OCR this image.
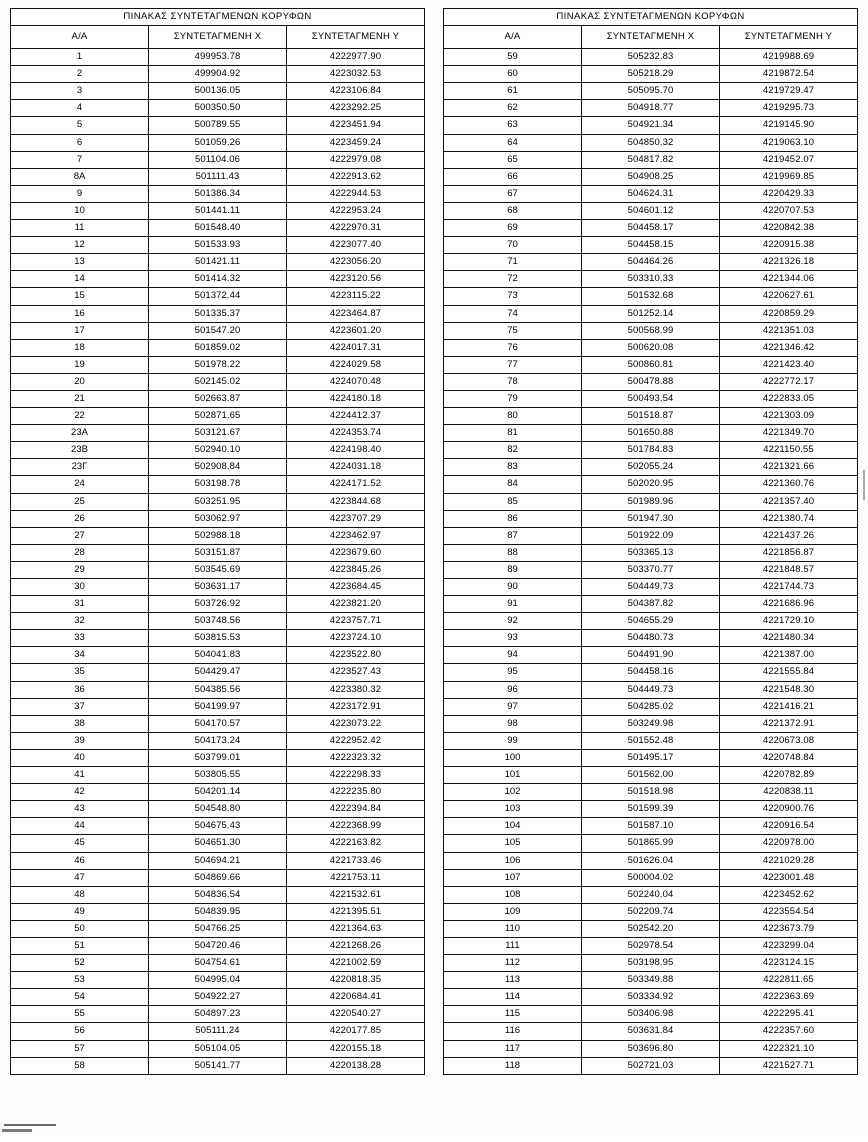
ΠΙΝΑΚΑΣ ΣΥΝΤΕΤΑΓΜΕΝΩΝ ΚΟΡΥΦΩΝ		
Α/Α	ΣΥΝΤΕΤΑΓΜΕΝΗ Χ	ΣΥΝΤΕΤΑΓΜΕΝΗ Υ
1	499953.78	4222977.90
2	499904.92	4223032.53
3	500136.05	4223106.84
4	500350.50	4223292.25
5	500789.55	4223451.94
6	501059.26	4223459.24
7	501104.06	4222979.08
8Α	501111.43	4222913.62
9	501386.34	4222944.53
10	501441.11	4222953.24
11	501548.40	4222970.31
12	501533.93	4223077.40
13	501421.11	4223056.20
14	501414.32	4223120.56
15	501372.44	4223115.22
16	501335.37	4223464.87
17	501547.20	4223601.20
18	501859.02	4224017.31
19	501978.22	4224029.58
20	502145.02	4224070.48
21	502663.87	4224180.18
22	502871.65	4224412.37
23Α	503121.67	4224353.74
23Β	502940.10	4224198.40
23Γ	502908.84	4224031.18
24	503198.78	4224171.52
25	503251.95	4223844.68
26	503062.97	4223707.29
27	502988.18	4223462.97
28	503151.87	4223679.60
29	503545.69	4223845.26
30	503631.17	4223684.45
31	503726.92	4223821.20
32	503748.56	4223757.71
33	503815.53	4223724.10
34	504041.83	4223522.80
35	504429.47	4223527.43
36	504385.56	4223380.32
37	504199.97	4223172.91
38	504170.57	4223073.22
39	504173.24	4222952.42
40	503799.01	4222323.32
41	503805.55	4222298.33
42	504201.14	4222235.80
43	504548.80	4222394.84
44	504675.43	4222368.99
45	504651.30	4222163.82
46	504694.21	4221733.46
47	504869.66	4221753.11
48	504836.54	4221532.61
49	504839.95	4221395.51
50	504766.25	4221364.63
51	504720.46	4221268.26
52	504754.61	4221002.59
53	504995.04	4220818.35
54	504922.27	4220684.41
55	504897.23	4220540.27
56	505111.24	4220177.85
57	505104.05	4220155.18
58	505141.77	4220138.28
ΠΙΝΑΚΑΣ ΣΥΝΤΕΤΑΓΜΕΝΩΝ ΚΟΡΥΦΩΝ		
Α/Α	ΣΥΝΤΕΤΑΓΜΕΝΗ Χ	ΣΥΝΤΕΤΑΓΜΕΝΗ Υ
59	505232.83	4219988.69
60	505218.29	4219872.54
61	505095.70	4219729.47
62	504918.77	4219295.73
63	504921.34	4219145.90
64	504850.32	4219063.10
65	504817.82	4219452.07
66	504908.25	4219969.85
67	504624.31	4220429.33
68	504601.12	4220707.53
69	504458.17	4220842.38
70	504458.15	4220915.38
71	504464.26	4221326.18
72	503310.33	4221344.06
73	501532.68	4220627.61
74	501252.14	4220859.29
75	500568.99	4221351.03
76	500620.08	4221346.42
77	500860.81	4221423.40
78	500478.88	4222772.17
79	500493.54	4222833.05
80	501518.87	4221303.09
81	501650.88	4221349.70
82	501784.83	4221150.55
83	502055.24	4221321.66
84	502020.95	4221360.76
85	501989.96	4221357.40
86	501947.30	4221380.74
87	501922.09	4221437.26
88	503365.13	4221856.87
89	503370.77	4221848.57
90	504449.73	4221744.73
91	504387.82	4221686.96
92	504655.29	4221729.10
93	504480.73	4221480.34
94	504491.90	4221387.00
95	504458.16	4221555.84
96	504449.73	4221548.30
97	504285.02	4221416.21
98	503249.98	4221372.91
99	501552.48	4220673.08
100	501495.17	4220748.84
101	501562.00	4220782.89
102	501518.98	4220838.11
103	501599.39	4220900.76
104	501587.10	4220916.54
105	501865.99	4220978.00
106	501626.04	4221029.28
107	500004.02	4223001.48
108	502240.04	4223452.62
109	502209.74	4223554.54
110	502542.20	4223673.79
111	502978.54	4223299.04
112	503198.95	4223124.15
113	503349.88	4222811.65
114	503334.92	4222363.69
115	503406.98	4222295.41
116	503631.84	4222357.60
117	503696.80	4222321.10
118	502721.03	4221527.71
